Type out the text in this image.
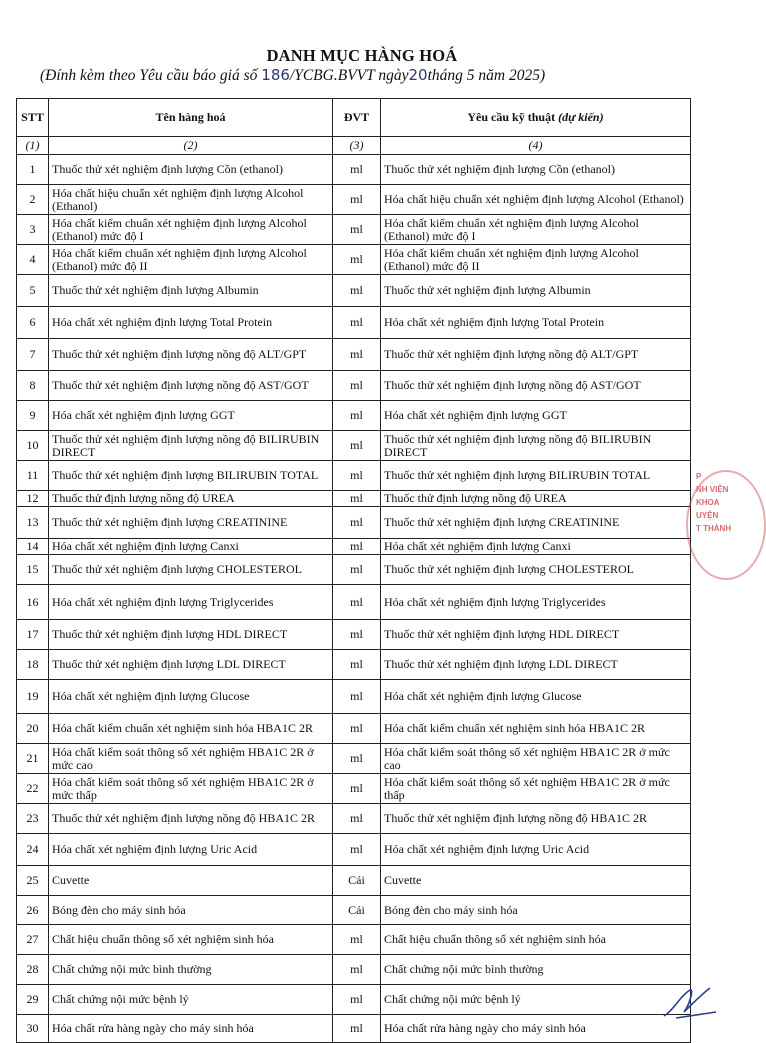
DANH MỤC HÀNG HOÁ
(Đính kèm theo Yêu cầu báo giá số 186/YCBG.BVVT ngày20tháng 5 năm 2025)
STT	Tên hàng hoá	ĐVT	Yêu cầu kỹ thuật (dự kiến)
(1)	(2)	(3)	(4)
1	Thuốc thử xét nghiệm định lượng Cồn (ethanol)	ml	Thuốc thử xét nghiệm định lượng Cồn (ethanol)
2	Hóa chất hiệu chuẩn xét nghiệm định lượng Alcohol (Ethanol)	ml	Hóa chất hiệu chuẩn xét nghiệm định lượng Alcohol (Ethanol)
3	Hóa chất kiểm chuẩn xét nghiệm định lượng Alcohol (Ethanol) mức độ I	ml	Hóa chất kiểm chuẩn xét nghiệm định lượng Alcohol (Ethanol) mức độ I
4	Hóa chất kiểm chuẩn xét nghiệm định lượng Alcohol (Ethanol) mức độ II	ml	Hóa chất kiểm chuẩn xét nghiệm định lượng Alcohol (Ethanol) mức độ II
5	Thuốc thử xét nghiệm định lượng Albumin	ml	Thuốc thử xét nghiệm định lượng Albumin
6	Hóa chất xét nghiệm định lượng Total Protein	ml	Hóa chất xét nghiệm định lượng Total Protein
7	Thuốc thử xét nghiệm định lượng nồng độ ALT/GPT	ml	Thuốc thử xét nghiệm định lượng nồng độ ALT/GPT
8	Thuốc thử xét nghiệm định lượng nồng độ AST/GOT	ml	Thuốc thử xét nghiệm định lượng nồng độ AST/GOT
9	Hóa chất xét nghiệm định lượng GGT	ml	Hóa chất xét nghiệm định lượng GGT
10	Thuốc thử xét nghiệm định lượng nồng độ BILIRUBIN DIRECT	ml	Thuốc thử xét nghiệm định lượng nồng độ BILIRUBIN DIRECT
11	Thuốc thử xét nghiệm định lượng BILIRUBIN TOTAL	ml	Thuốc thử xét nghiệm định lượng BILIRUBIN TOTAL
12	Thuốc thử định lượng nồng độ UREA	ml	Thuốc thử định lượng nồng độ UREA
13	Thuốc thử xét nghiệm định lượng CREATININE	ml	Thuốc thử xét nghiệm định lượng CREATININE
14	Hóa chất xét nghiệm định lượng Canxi	ml	Hóa chất xét nghiệm định lượng Canxi
15	Thuốc thử xét nghiệm định lượng CHOLESTEROL	ml	Thuốc thử xét nghiệm định lượng CHOLESTEROL
16	Hóa chất xét nghiệm định lượng Triglycerides	ml	Hóa chất xét nghiệm định lượng Triglycerides
17	Thuốc thử xét nghiệm định lượng HDL DIRECT	ml	Thuốc thử xét nghiệm định lượng HDL DIRECT
18	Thuốc thử xét nghiệm định lượng LDL DIRECT	ml	Thuốc thử xét nghiệm định lượng LDL DIRECT
19	Hóa chất xét nghiệm định lượng Glucose	ml	Hóa chất xét nghiệm định lượng Glucose
20	Hóa chất kiểm chuẩn xét nghiệm sinh hóa HBA1C 2R	ml	Hóa chất kiểm chuẩn xét nghiệm sinh hóa HBA1C 2R
21	Hóa chất kiểm soát thông số xét nghiệm HBA1C 2R ở mức cao	ml	Hóa chất kiểm soát thông số xét nghiệm HBA1C 2R ở mức cao
22	Hóa chất kiểm soát thông số xét nghiệm HBA1C 2R ở mức thấp	ml	Hóa chất kiểm soát thông số xét nghiệm HBA1C 2R ở mức thấp
23	Thuốc thử xét nghiệm định lượng nồng độ HBA1C 2R	ml	Thuốc thử xét nghiệm định lượng nồng độ HBA1C 2R
24	Hóa chất xét nghiệm định lượng Uric Acid	ml	Hóa chất xét nghiệm định lượng Uric Acid
25	Cuvette	Cái	Cuvette
26	Bóng đèn cho máy sinh hóa	Cái	Bóng đèn cho máy sinh hóa
27	Chất hiệu chuẩn thông số xét nghiệm sinh hóa	ml	Chất hiệu chuẩn thông số xét nghiệm sinh hóa
28	Chất chứng nội mức bình thường	ml	Chất chứng nội mức bình thường
29	Chất chứng nội mức bệnh lý	ml	Chất chứng nội mức bệnh lý
30	Hóa chất rửa hàng ngày cho máy sinh hóa	ml	Hóa chất rửa hàng ngày cho máy sinh hóa
P
NH VIỆN
KHOA
UYỆN
T THÀNH
